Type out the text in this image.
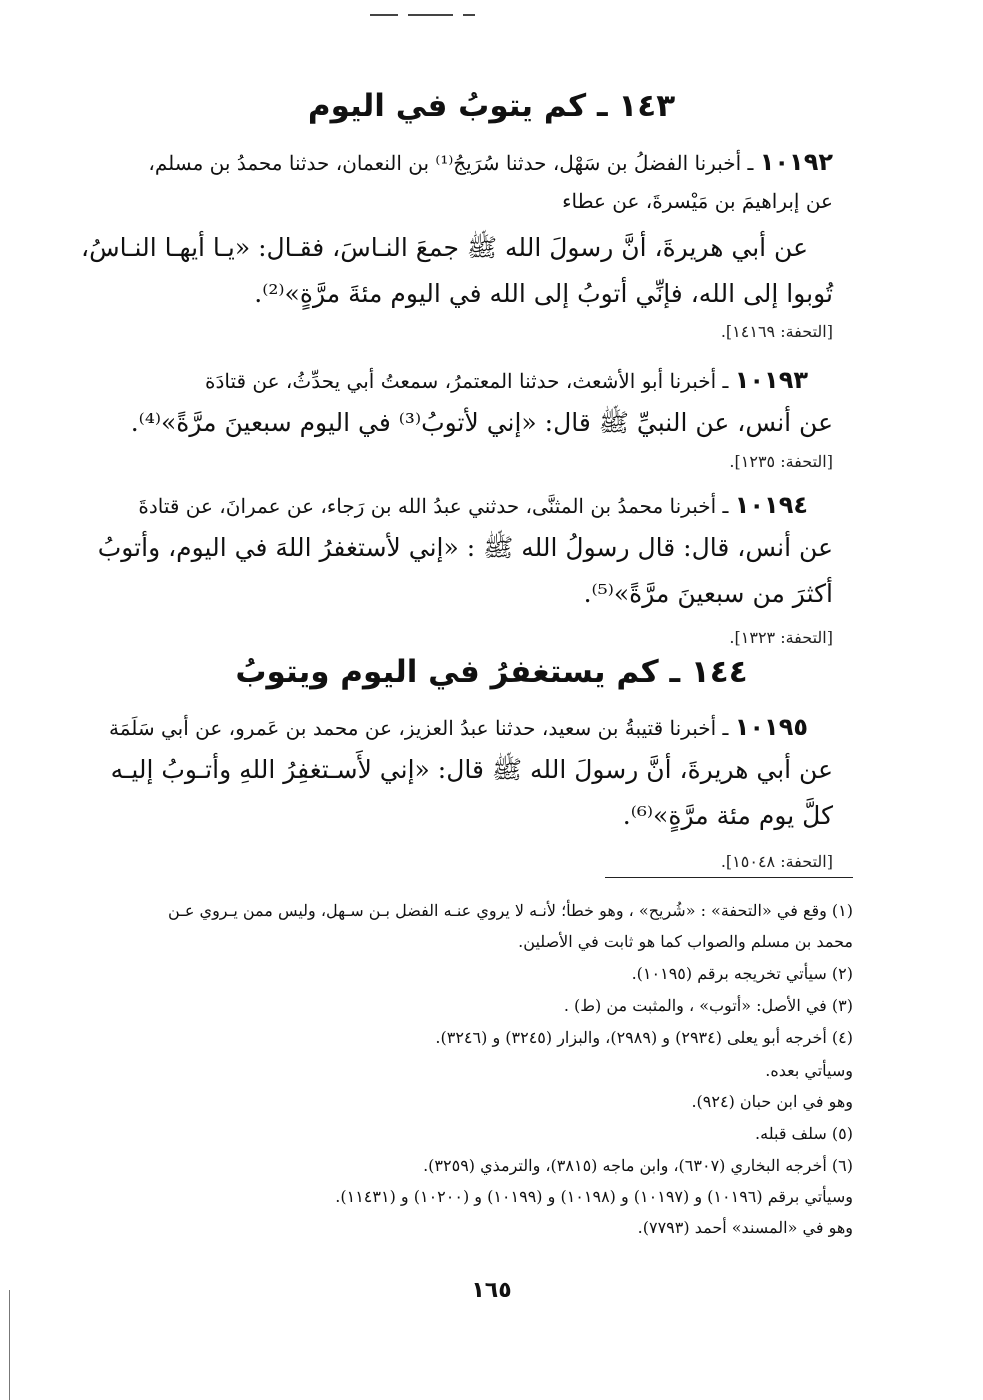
١٤٣ ـ كم يتوبُ في اليوم
١٠١٩٢ ـ أخبرنا الفضلُ بن سَهْل، حدثنا سُرَيجُ⁽¹⁾ بن النعمان، حدثنا محمدُ بن مسلم،
عن إبراهيمَ بن مَيْسرةَ، عن عطاء
عن أبي هريرةَ، أنَّ رسولَ الله ﷺ جمعَ النـاسَ، فقـال: «يـا أيهـا النـاسُ،
تُوبوا إلى الله، فإنِّي أتوبُ إلى الله في اليوم مئةَ مرَّةٍ»⁽²⁾.
[التحفة: ١٤١٦٩].
١٠١٩٣ ـ أخبرنا أبو الأشعث، حدثنا المعتمرُ، سمعتُ أبي يحدِّثُ، عن قتادَة
عن أنس، عن النبيِّ ﷺ قال: «إني لأتوبُ⁽³⁾ في اليوم سبعينَ مرَّةً»⁽⁴⁾.
[التحفة: ١٢٣٥].
١٠١٩٤ ـ أخبرنا محمدُ بن المثنَّى، حدثني عبدُ الله بن رَجاء، عن عمرانَ، عن قتادةَ
عن أنس، قال: قال رسولُ الله ﷺ : «إني لأستغفرُ اللهَ في اليوم، وأتوبُ
أكثرَ من سبعينَ مرَّةً»⁽⁵⁾.
[التحفة: ١٣٢٣].
١٤٤ ـ كم يستغفرُ في اليوم ويتوبُ
١٠١٩٥ ـ أخبرنا قتيبةُ بن سعيد، حدثنا عبدُ العزيز، عن محمد بن عَمرو، عن أبي سَلَمَة
عن أبي هريرةَ، أنَّ رسولَ الله ﷺ قال: «إني لأَسـتغفِرُ اللهِ وأتـوبُ إليـه
كلَّ يوم مئة مرَّةٍ»⁽⁶⁾.
[التحفة: ١٥٠٤٨].
(١) وقع في «التحفة» : «شُريح» ، وهو خطأ؛ لأنـه لا يروي عنـه الفضل بـن سـهل، وليس ممن يـروي عـن
محمد بن مسلم والصواب كما هو ثابت في الأصلين.
(٢) سيأتي تخريجه برقم (١٠١٩٥).
(٣) في الأصل: «أتوب» ، والمثبت من (ط) .
(٤) أخرجه أبو يعلى (٢٩٣٤) و (٢٩٨٩)، والبزار (٣٢٤٥) و (٣٢٤٦).
وسيأتي بعده.
وهو في ابن حبان (٩٢٤).
(٥) سلف قبله.
(٦) أخرجه البخاري (٦٣٠٧)، وابن ماجه (٣٨١٥)، والترمذي (٣٢٥٩).
وسيأتي برقم (١٠١٩٦) و (١٠١٩٧) و (١٠١٩٨) و (١٠١٩٩) و (١٠٢٠٠) و (١١٤٣١).
وهو في «المسند» أحمد (٧٧٩٣).
١٦٥
